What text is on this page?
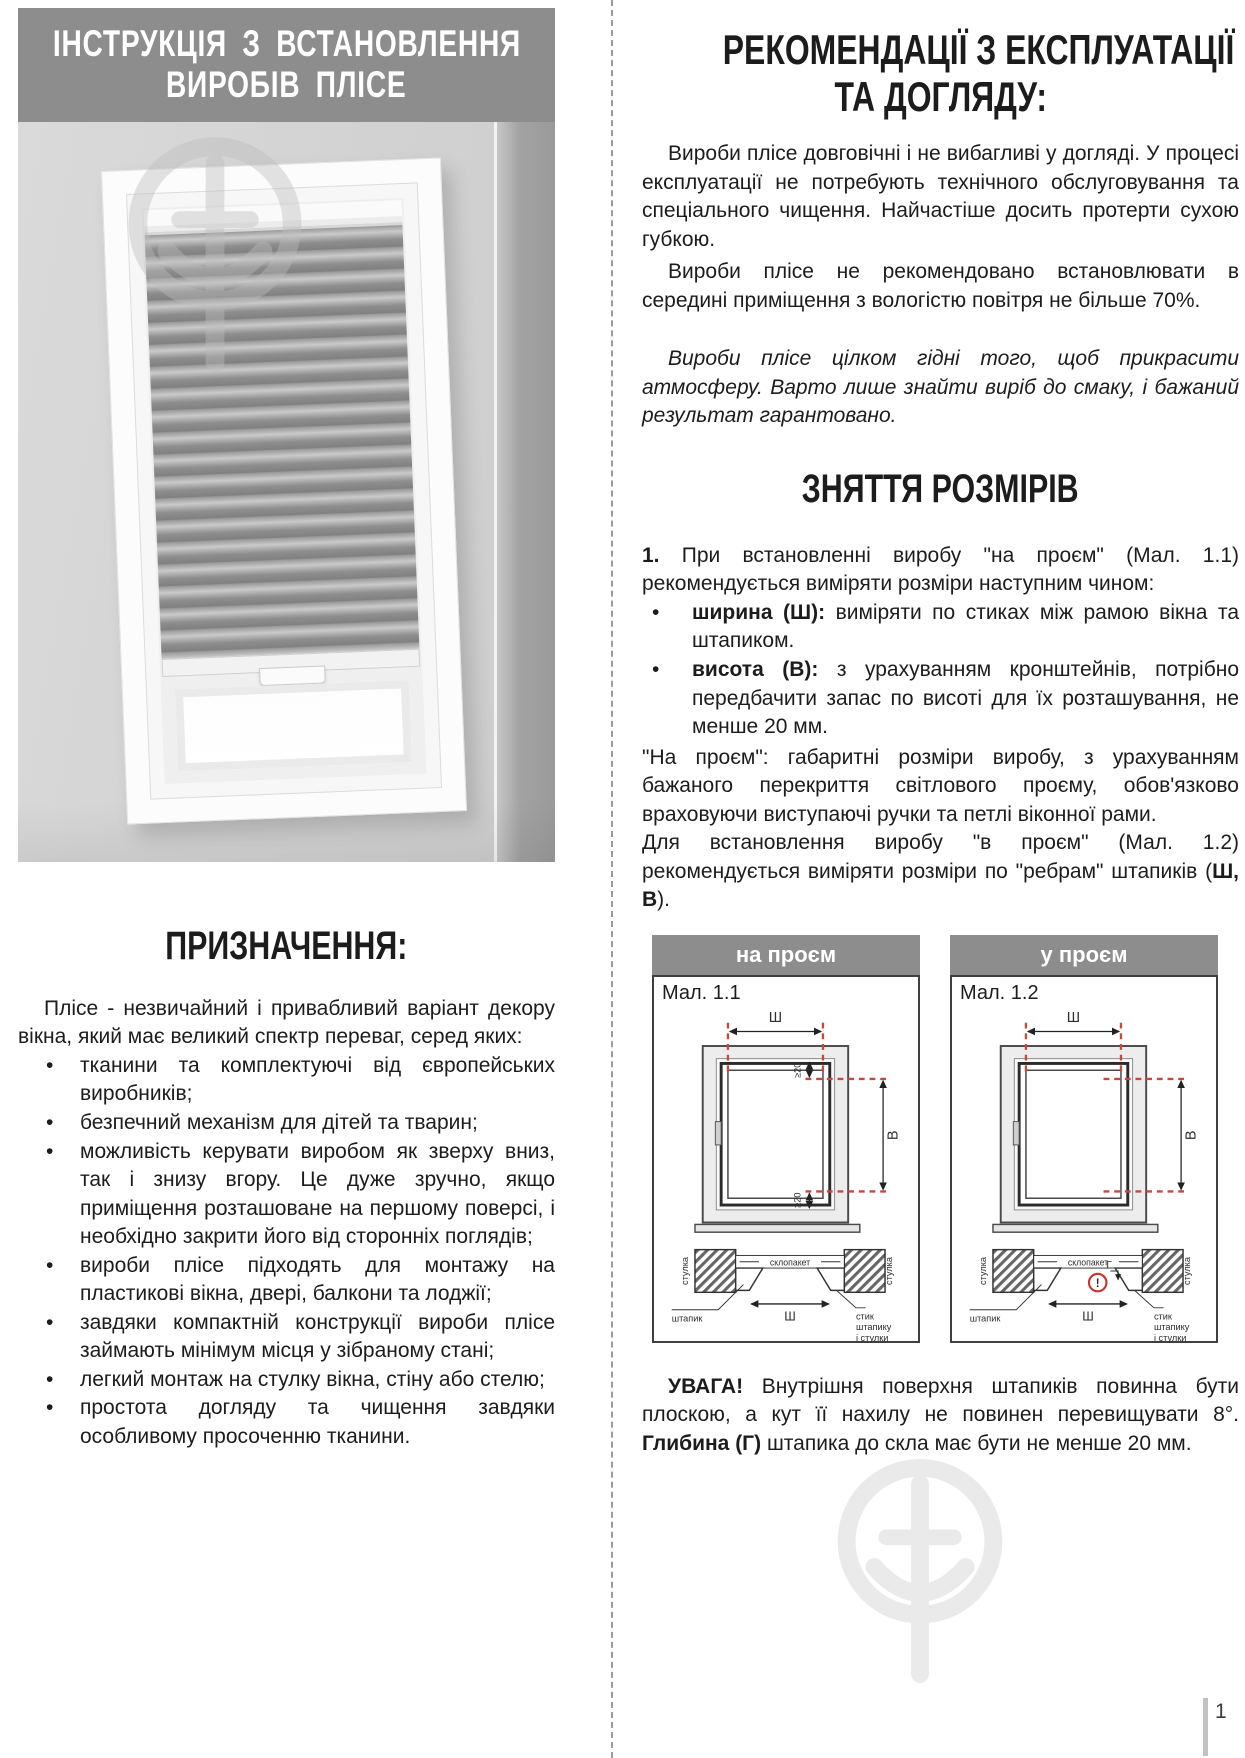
ІНСТРУКЦІЯ З ВСТАНОВЛЕННЯ
ВИРОБІВ ПЛІСЕ
ПРИЗНАЧЕННЯ:

Плісе - незвичайний і привабливий варіант декору вікна, який має великий спектр переваг, серед яких:

•	тканини та комплектуючі від європейських виробників;
•	безпечний механізм для дітей та тварин;
•	можливість керувати виробом як зверху вниз, так і знизу вгору. Це дуже зручно, якщо приміщення розташоване на першому поверсі, і необхідно закрити його від сторонніх поглядів;
•	вироби плісе підходять для монтажу на пластикові вікна, двері, балкони та лоджії;
•	завдяки компактній конструкції вироби плісе займають мінімум місця у зібраному стані;
•	легкий монтаж на стулку вікна, стіну або стелю;
•	простота догляду та чищення завдяки особливому просоченню тканини.
РЕКОМЕНДАЦІЇ З ЕКСПЛУАТАЦІЇ
ТА ДОГЛЯДУ:

Вироби плісе довговічні і не вибагливі у догляді. У процесі експлуатації не потребують технічного обслуговування та спеціального чищення. Найчастіше досить протерти сухою губкою.

Вироби плісе не рекомендовано встановлювати в середині приміщення з вологістю повітря не більше 70%.

Вироби плісе цілком гідні того, щоб прикрасити атмосферу. Варто лише знайти виріб до смаку, і бажаний результат гарантовано.

ЗНЯТТЯ РОЗМІРІВ

1. При встановленні виробу "на проєм" (Мал. 1.1) рекомендується виміряти розміри наступним чином:

•	ширина (Ш): виміряти по стиках між рамою вікна та штапиком.
•	висота (В): з урахуванням кронштейнів, потрібно передбачити запас по висоті для їх розташування, не менше 20 мм.

"На проєм": габаритні розміри виробу, з урахуванням бажаного перекриття світлового проєму, обов'язково враховуючи виступаючі ручки та петлі віконної рами.

Для встановлення виробу "в проєм" (Мал. 1.2) рекомендується виміряти розміри по "ребрам" штапиків (Ш, В).

на проєм

Мал. 1.1

Ш
В
≥20
≥20
склопакет
стулка	стулка
штапик	Ш	стик
штапику
і стулки
у проєм

Мал. 1.2

Ш
В
!
Г
склопакет
стулка	стулка
штапик	Ш	стик
штапику
і стулки

УВАГА! Внутрішня поверхня штапиків повинна бути плоскою, а кут її нахилу не повинен перевищувати 8°. Глибина (Г) штапика до скла має бути не менше 20 мм.

1
